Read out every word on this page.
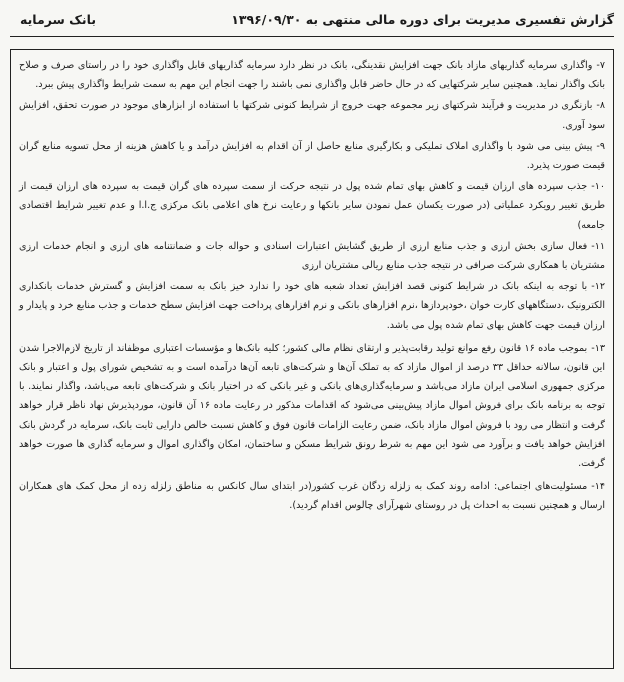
گزارش تفسیری مدیریت برای دوره مالی منتهی به ۱۳۹۶/۰۹/۳۰
بانک سرمایه

۷-واگذاری سرمایه گذاریهای مازاد بانک جهت افزایش نقدینگی، بانک در نظر دارد سرمایه گذاریهای قابل واگذاری خود را در راستای صرف و صلاح بانک واگذار نماید. همچنین سایر شرکتهایی که در حال حاضر قابل واگذاری نمی باشند را جهت انجام این مهم به سمت شرایط واگذاری پیش ببرد.

۸-بازنگری در مدیریت و فرآیند شرکتهای زیر مجموعه جهت خروج از شرایط کنونی شرکتها با استفاده از ابزارهای موجود در صورت تحقق، افزایش سود آوری.

۹-پیش بینی می شود با واگذاری املاک تملیکی و بکارگیری منابع حاصل از آن اقدام به افزایش درآمد و یا کاهش هزینه از محل تسویه منابع گران قیمت صورت پذیرد.

۱۰-جذب سپرده های ارزان قیمت و کاهش بهای تمام شده پول در نتیجه حرکت از سمت سپرده های گران قیمت به سپرده های ارزان قیمت از طریق تغییر رویکرد عملیاتی (در صورت یکسان عمل نمودن سایر بانکها و رعایت نرخ های اعلامی بانک مرکزی ج.ا.ا و عدم تغییر شرایط اقتصادی جامعه)

۱۱-فعال سازی بخش ارزی و جذب منابع ارزی از طریق گشایش اعتبارات اسنادی و حواله جات و ضمانتنامه های ارزی و انجام خدمات ارزی مشتریان با همکاری شرکت صرافی در نتیجه جذب منابع ریالی مشتریان ارزی

۱۲-با توجه به اینکه بانک در شرایط کنونی قصد افزایش تعداد شعبه های خود را ندارد خیز بانک به سمت افزایش و گسترش خدمات بانکداری الکترونیک ،دستگاههای کارت خوان ،خودپردازها ،نرم افزارهای بانکی و نرم افزارهای پرداخت جهت افزایش سطح خدمات و جذب منابع خرد و پایدار و ارزان قیمت جهت کاهش بهای تمام شده پول می باشد.

۱۳-بموجب ماده ۱۶ قانون رفع موانع تولید رقابت‌پذیر و ارتقای نظام مالی کشور؛ کلیه بانک‌ها و مؤسسات اعتباری موظفاند از تاریخ لازم‌الاجرا شدن این قانون، سالانه حداقل ۳۳ درصد از اموال مازاد که به تملک آن‌ها و شرکت‌های تابعه آن‌ها درآمده است و به تشخیص شورای پول و اعتبار و بانک مرکزی جمهوری اسلامی ایران مازاد می‌باشد و سرمایه‌گذاری‌های بانکی و غیر بانکی که در اختیار بانک و شرکت‌های تابعه می‌باشد، واگذار نمایند. با توجه به برنامه بانک برای فروش اموال مازاد پیش‌بینی می‌شود که اقدامات مذکور در رعایت ماده ۱۶ آن قانون، موردپذیرش نهاد ناظر قرار خواهد گرفت و انتظار می رود با فروش اموال مازاد بانک، ضمن رعایت الزامات قانون فوق و کاهش نسبت خالص دارایی ثابت بانک، سرمایه در گردش بانک افزایش خواهد یافت و برآورد می شود این مهم به شرط رونق شرایط مسکن و ساختمان، امکان واگذاری اموال و سرمایه گذاری ها صورت خواهد گرفت.

۱۴-مسئولیت‌های اجتماعی: ادامه روند کمک به زلزله زدگان غرب کشور(در ابتدای سال کانکس به مناطق زلزله زده از محل کمک های همکاران ارسال و همچنین نسبت به احداث پل در روستای شهرآرای چالوس اقدام گردید).
